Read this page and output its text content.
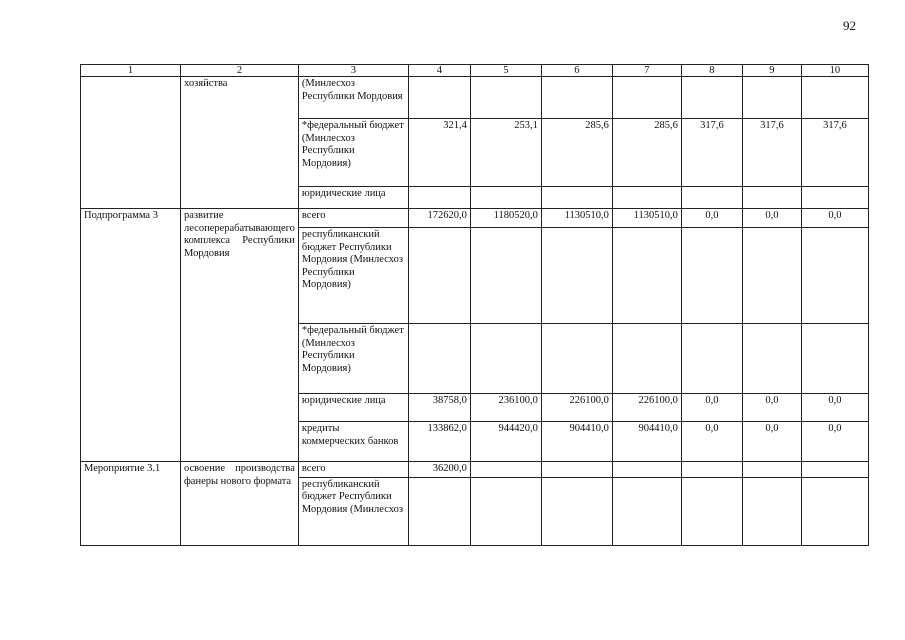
92
1	2	3	4	5	6	7	8	9	10
	хозяйства	(Минлесхоз Республики Мордовия							
		*федеральный бюджет (Минлесхоз Республики Мордовия)	321,4	253,1	285,6	285,6	317,6	317,6	317,6
		юридические лица							
Подпрограмма 3	развитие лесоперерабатывающего комплекса Республики Мордовия	всего	172620,0	1180520,0	1130510,0	1130510,0	0,0	0,0	0,0
		республиканский бюджет Республики Мордовия (Минлесхоз Республики Мордовия)							
		*федеральный бюджет (Минлесхоз Республики Мордовия)							
		юридические лица	38758,0	236100,0	226100,0	226100,0	0,0	0,0	0,0
		кредиты коммерческих банков	133862,0	944420,0	904410,0	904410,0	0,0	0,0	0,0
Мероприятие 3.1	освоение производства фанеры нового формата	всего	36200,0						
		республиканский бюджет Республики Мордовия (Минлесхоз							
